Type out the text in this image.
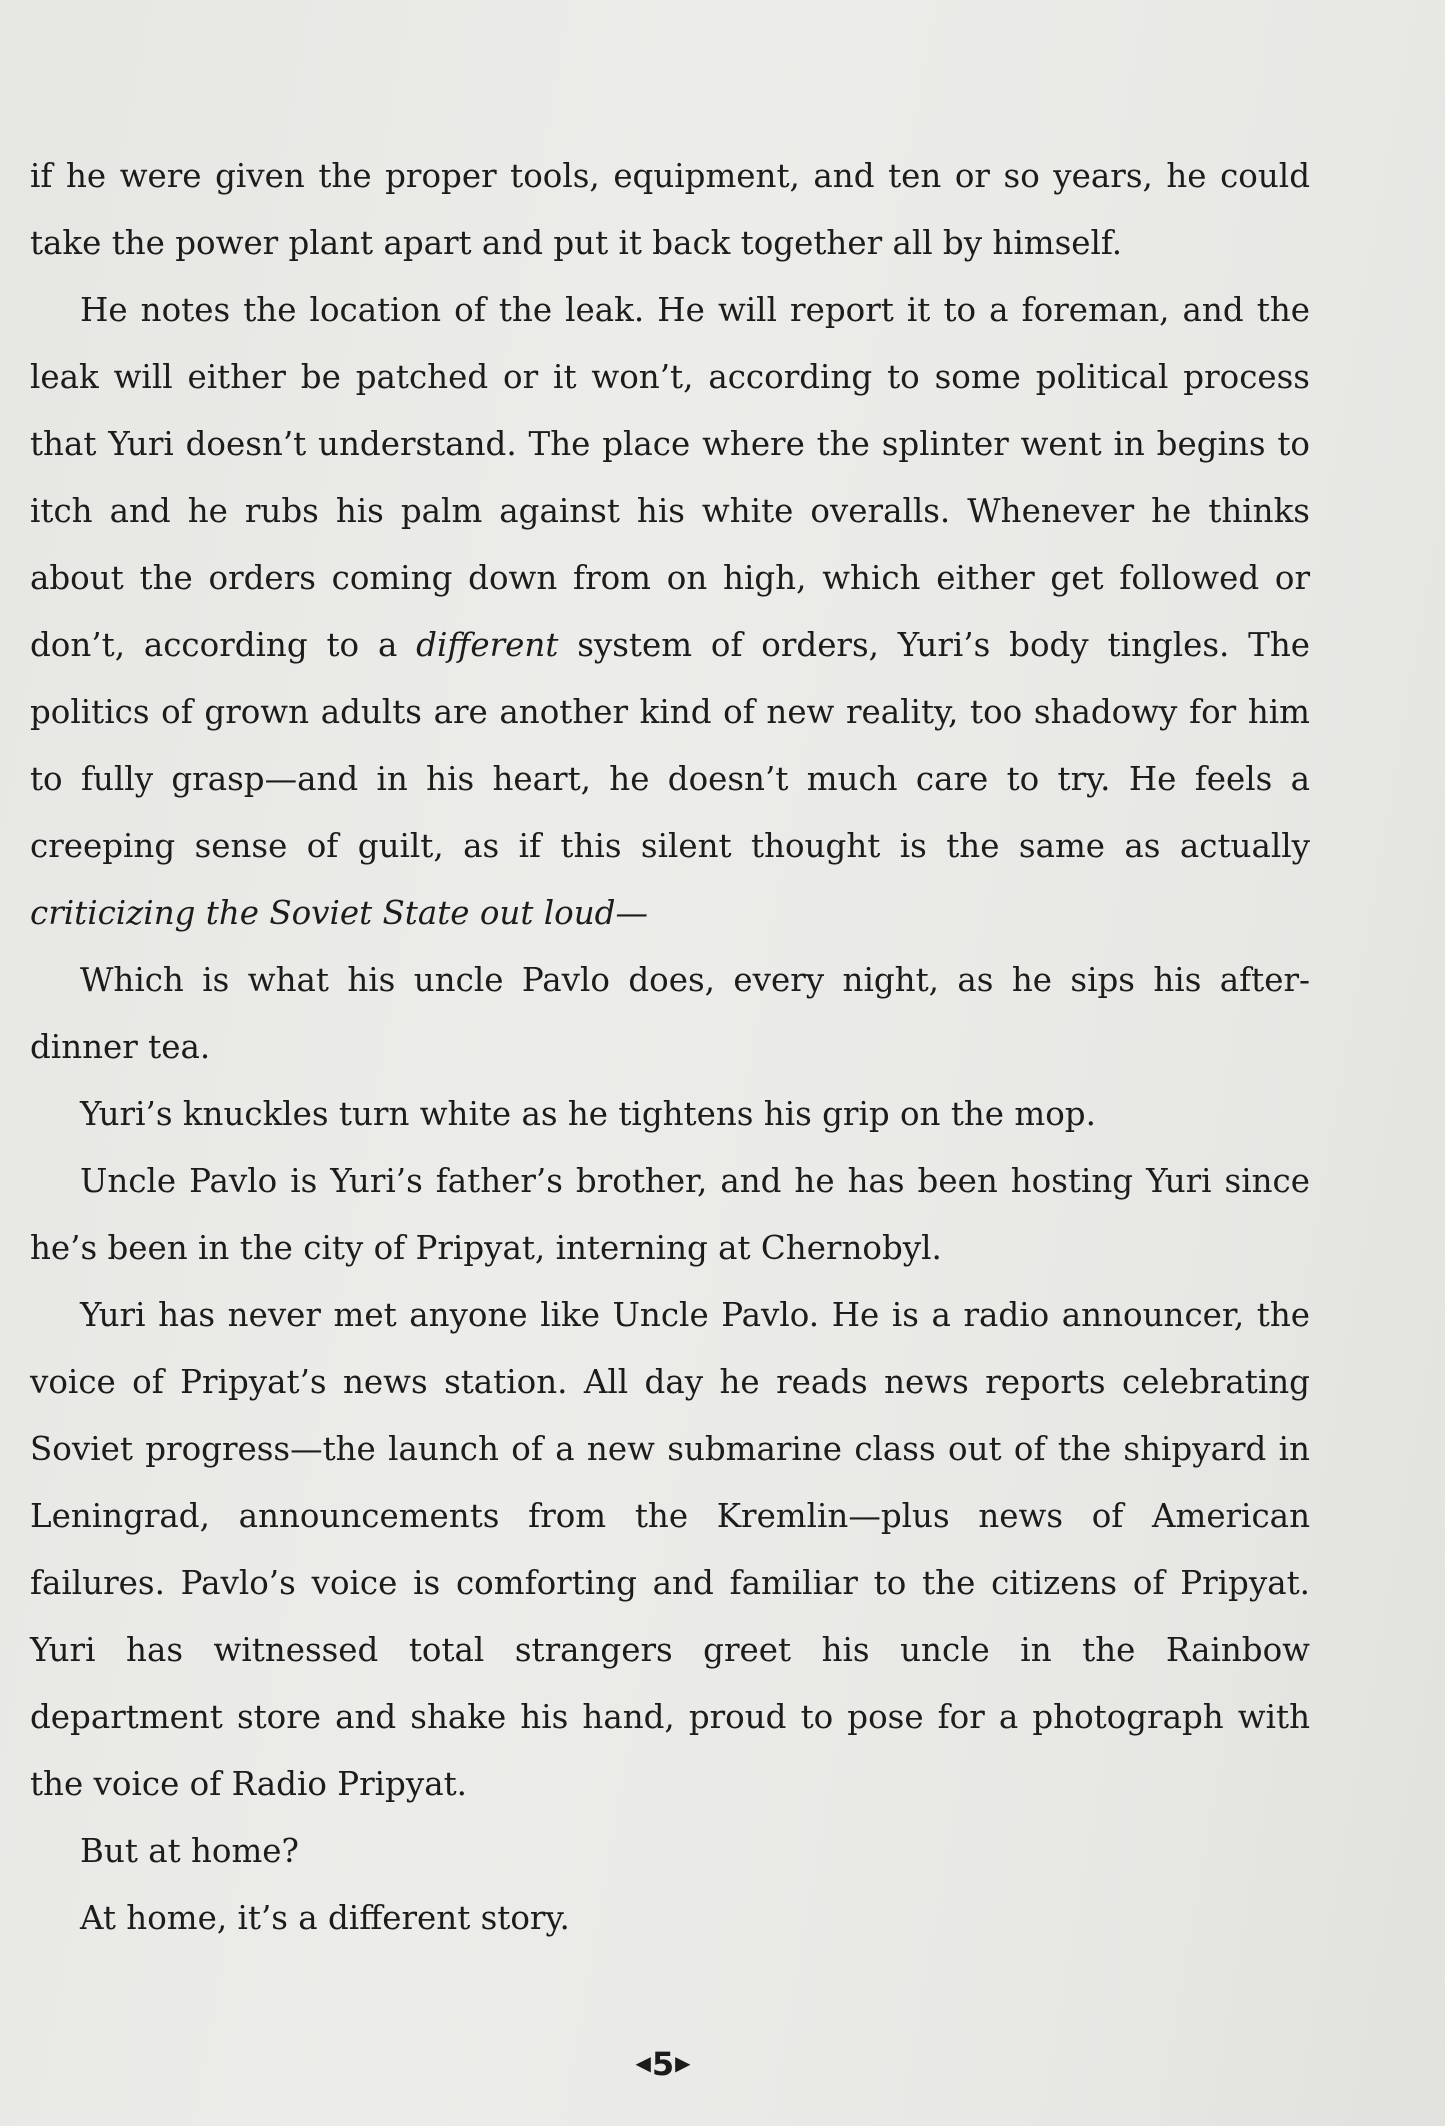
if he were given the proper tools, equipment, and ten or so years, he could take the power plant apart and put it back together all by himself.

He notes the location of the leak. He will report it to a foreman, and the leak will either be patched or it won’t, according to some political process that Yuri doesn’t understand. The place where the splinter went in begins to itch and he rubs his palm against his white overalls. Whenever he thinks about the orders coming down from on high, which either get followed or don’t, according to a different system of orders, Yuri’s body tingles. The politics of grown adults are another kind of new reality, too shadowy for him to fully grasp—and in his heart, he doesn’t much care to try. He feels a creeping sense of guilt, as if this silent thought is the same as actually criticizing the Soviet State out loud—

Which is what his uncle Pavlo does, every night, as he sips his after-dinner tea.

Yuri’s knuckles turn white as he tightens his grip on the mop.

Uncle Pavlo is Yuri’s father’s brother, and he has been hosting Yuri since he’s been in the city of Pripyat, interning at Chernobyl.

Yuri has never met anyone like Uncle Pavlo. He is a radio announcer, the voice of Pripyat’s news station. All day he reads news reports celebrating Soviet progress—the launch of a new submarine class out of the shipyard in Leningrad, announcements from the Kremlin—plus news of American failures. Pavlo’s voice is comforting and familiar to the citizens of Pripyat. Yuri has witnessed total strangers greet his uncle in the Rainbow department store and shake his hand, proud to pose for a photograph with the voice of Radio Pripyat.

But at home?

At home, it’s a different story.

◀5▶
